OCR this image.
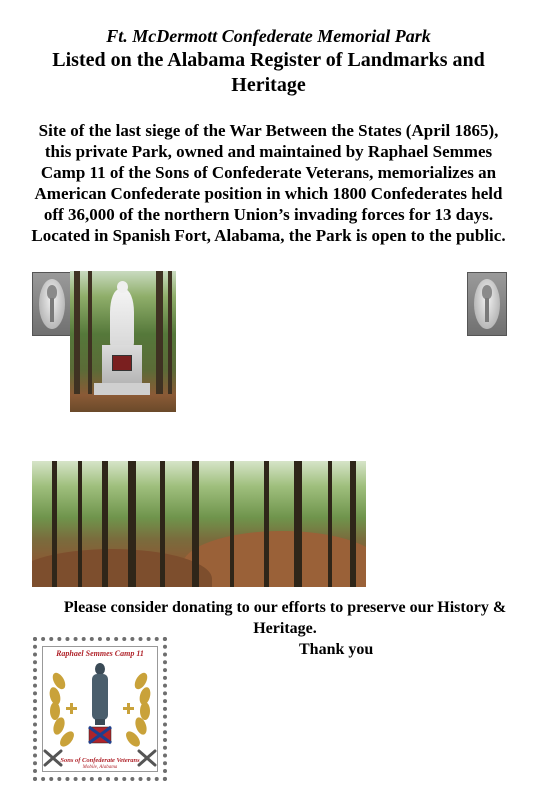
Ft. McDermott Confederate Memorial Park
Listed on the Alabama Register of Landmarks and Heritage
Site of the last siege of the War Between the States (April 1865), this private Park, owned and maintained by Raphael Semmes Camp 11 of the Sons of Confederate Veterans, memorializes an American Confederate position in which 1800 Confederates held off 36,000 of the northern Union’s invading forces for 13 days. Located in Spanish Fort, Alabama, the Park is open to the public.
Please consider donating to our efforts to preserve our History & Heritage.
Thank you
Raphael Semmes Camp 11
Sons of Confederate Veterans
Mobile, Alabama
